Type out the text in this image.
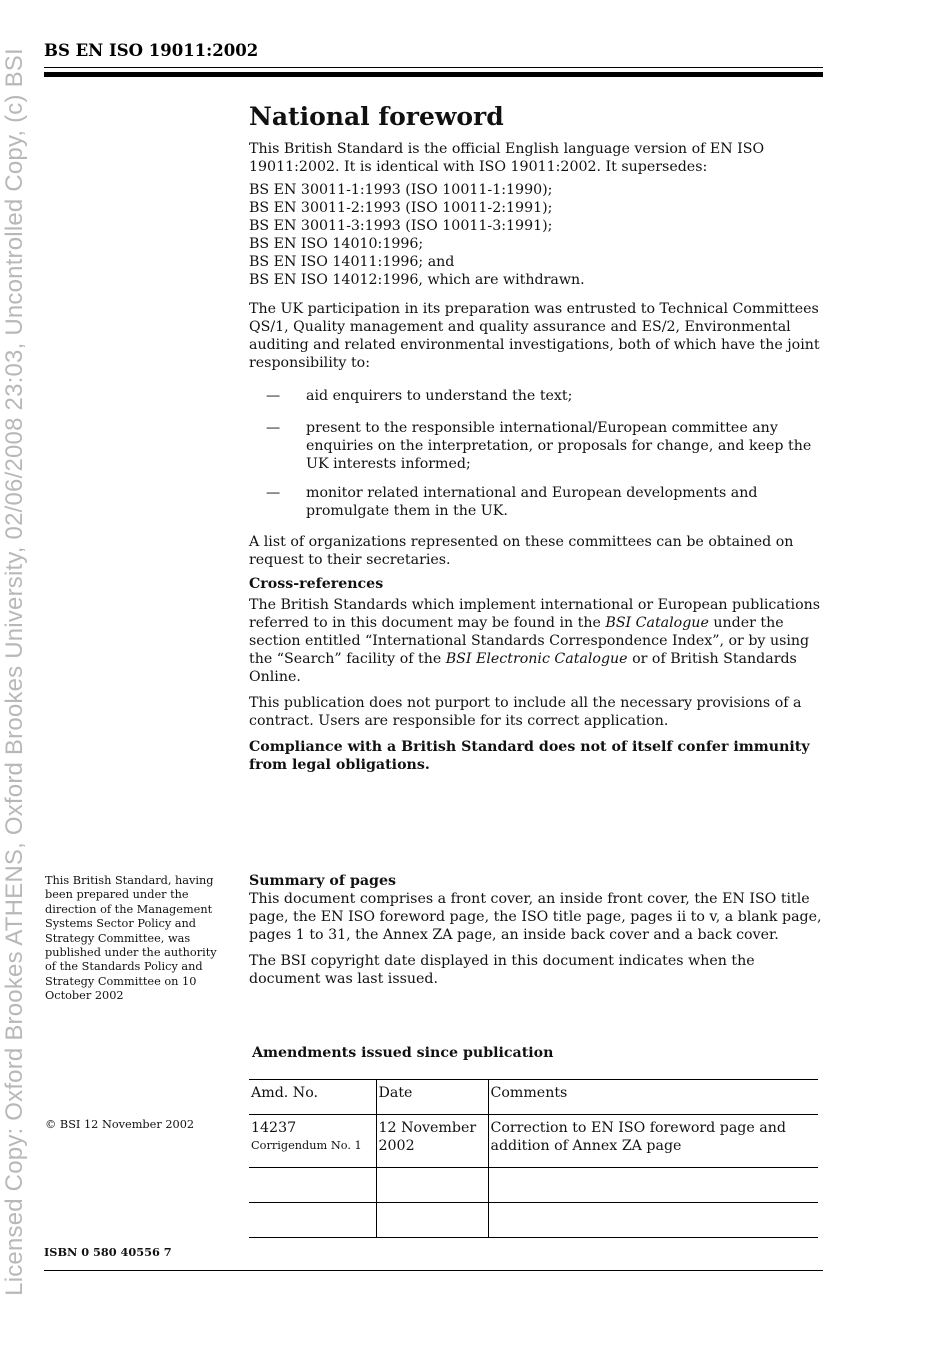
Licensed Copy: Oxford Brookes ATHENS, Oxford Brookes University, 02/06/2008 23:03, Uncontrolled Copy, (c) BSI BS EN ISO 19011:2002
National foreword

This British Standard is the official English language version of EN ISO 19011:2002. It is identical with ISO 19011:2002. It supersedes:

BS EN 30011-1:1993 (ISO 10011-1:1990);
BS EN 30011-2:1993 (ISO 10011-2:1991);
BS EN 30011-3:1993 (ISO 10011-3:1991);
BS EN ISO 14010:1996;
BS EN ISO 14011:1996; and
BS EN ISO 14012:1996, which are withdrawn.

The UK participation in its preparation was entrusted to Technical Committees QS/1, Quality management and quality assurance and ES/2, Environmental auditing and related environmental investigations, both of which have the joint responsibility to:

— aid enquirers to understand the text;
— present to the responsible international/European committee any enquiries on the interpretation, or proposals for change, and keep the UK interests informed;
— monitor related international and European developments and promulgate them in the UK.

A list of organizations represented on these committees can be obtained on request to their secretaries.

Cross-references

The British Standards which implement international or European publications referred to in this document may be found in the BSI Catalogue under the section entitled “International Standards Correspondence Index”, or by using the “Search” facility of the BSI Electronic Catalogue or of British Standards Online.

This publication does not purport to include all the necessary provisions of a contract. Users are responsible for its correct application.

Compliance with a British Standard does not of itself confer immunity from legal obligations.

Summary of pages

This document comprises a front cover, an inside front cover, the EN ISO title page, the EN ISO foreword page, the ISO title page, pages ii to v, a blank page, pages 1 to 31, the Annex ZA page, an inside back cover and a back cover.

The BSI copyright date displayed in this document indicates when the document was last issued.

This British Standard, having been prepared under the direction of the Management Systems Sector Policy and Strategy Committee, was published under the authority of the Standards Policy and Strategy Committee on 10 October 2002
© BSI 12 November 2002
Amendments issued since publication
Amd. No.	Date	Comments

14237
Corrigendum No. 1	12 November 2002	Correction to EN ISO foreword page and addition of Annex ZA page

ISBN 0 580 40556 7
